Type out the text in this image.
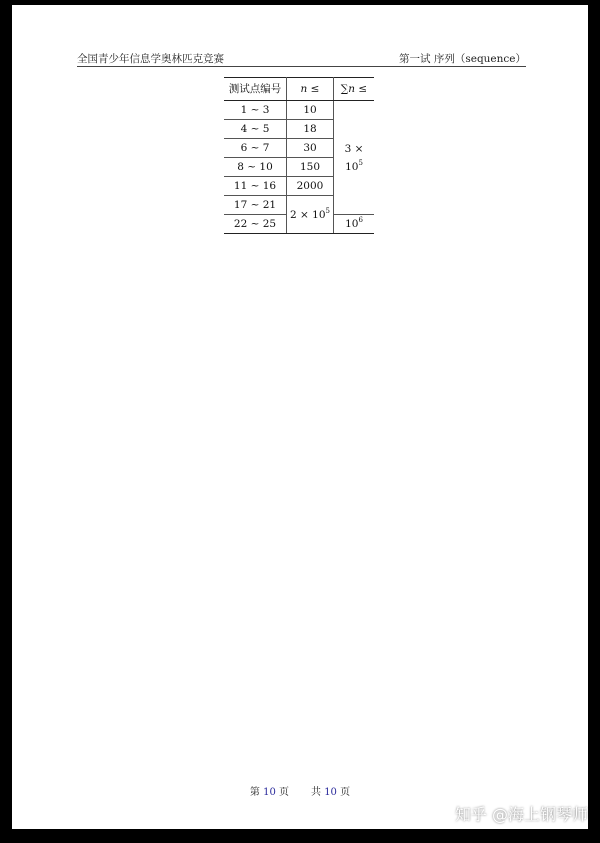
全国青少年信息学奥林匹克竞赛	第一试 序列（sequence）
测试点编号	n ≤	∑n ≤
1 ~ 3	10	$3 \times 10^5$
4 ~ 5	18	
6 ~ 7	30	
8 ~ 10	150	
11 ~ 16	2000	
17 ~ 21	$2 \times 10^5$
22 ~ 25		$10^6$
第 10 页 共 10 页
知乎 @海上钢琴师
